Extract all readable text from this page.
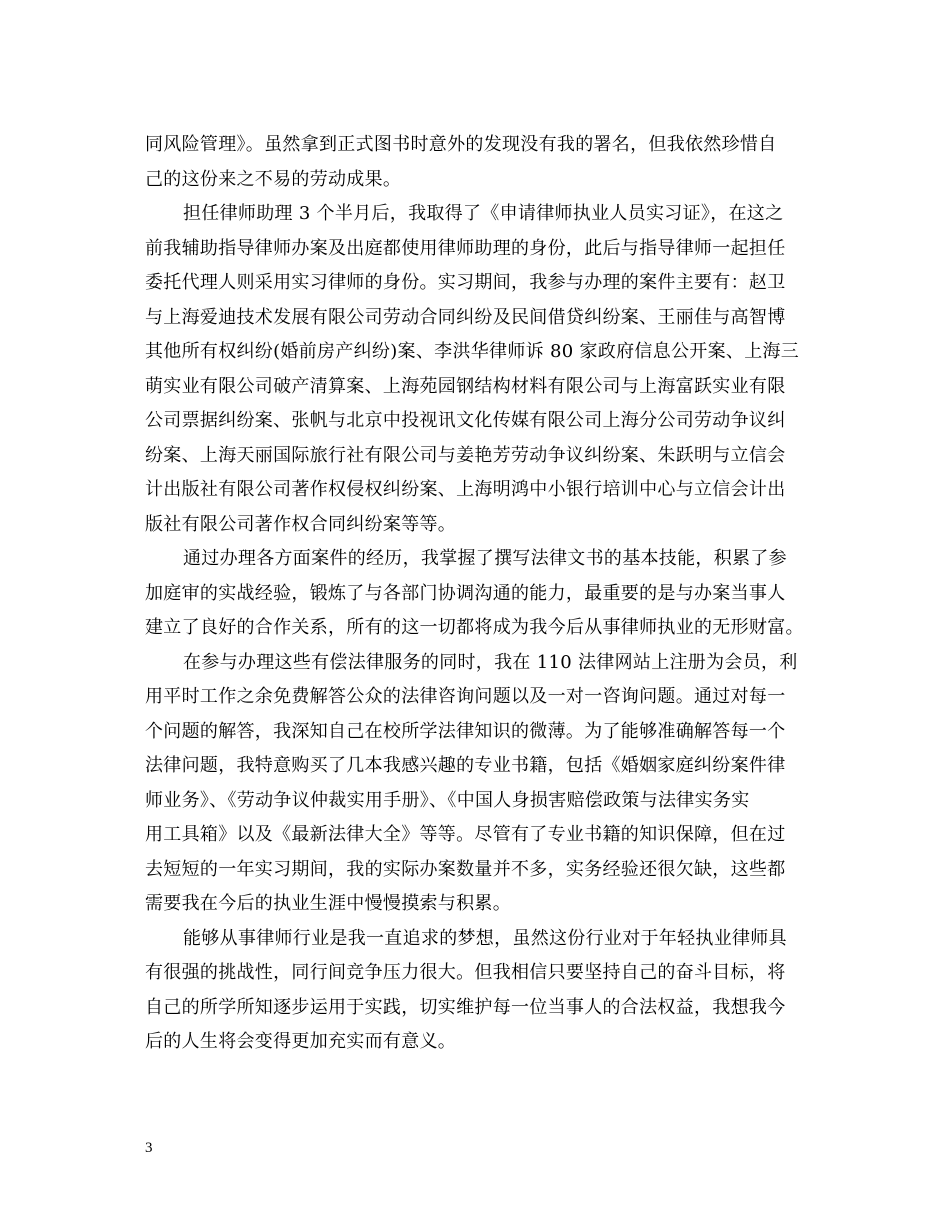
同风险管理》。虽然拿到正式图书时意外的发现没有我的署名，但我依然珍惜自
己的这份来之不易的劳动成果。
担任律师助理 3 个半月后，我取得了《申请律师执业人员实习证》，在这之
前我辅助指导律师办案及出庭都使用律师助理的身份，此后与指导律师一起担任
委托代理人则采用实习律师的身份。实习期间，我参与办理的案件主要有：赵卫
与上海爱迪技术发展有限公司劳动合同纠纷及民间借贷纠纷案、王丽佳与高智博
其他所有权纠纷(婚前房产纠纷)案、李洪华律师诉 80 家政府信息公开案、上海三
萌实业有限公司破产清算案、上海苑园钢结构材料有限公司与上海富跃实业有限
公司票据纠纷案、张帆与北京中投视讯文化传媒有限公司上海分公司劳动争议纠
纷案、上海天丽国际旅行社有限公司与姜艳芳劳动争议纠纷案、朱跃明与立信会
计出版社有限公司著作权侵权纠纷案、上海明鸿中小银行培训中心与立信会计出
版社有限公司著作权合同纠纷案等等。
通过办理各方面案件的经历，我掌握了撰写法律文书的基本技能，积累了参
加庭审的实战经验，锻炼了与各部门协调沟通的能力，最重要的是与办案当事人
建立了良好的合作关系，所有的这一切都将成为我今后从事律师执业的无形财富。
在参与办理这些有偿法律服务的同时，我在 110 法律网站上注册为会员，利
用平时工作之余免费解答公众的法律咨询问题以及一对一咨询问题。通过对每一
个问题的解答，我深知自己在校所学法律知识的微薄。为了能够准确解答每一个
法律问题，我特意购买了几本我感兴趣的专业书籍，包括《婚姻家庭纠纷案件律
师业务》、《劳动争议仲裁实用手册》、《中国人身损害赔偿政策与法律实务实
用工具箱》以及《最新法律大全》等等。尽管有了专业书籍的知识保障，但在过
去短短的一年实习期间，我的实际办案数量并不多，实务经验还很欠缺，这些都
需要我在今后的执业生涯中慢慢摸索与积累。
能够从事律师行业是我一直追求的梦想，虽然这份行业对于年轻执业律师具
有很强的挑战性，同行间竞争压力很大。但我相信只要坚持自己的奋斗目标，将
自己的所学所知逐步运用于实践，切实维护每一位当事人的合法权益，我想我今
后的人生将会变得更加充实而有意义。
3
